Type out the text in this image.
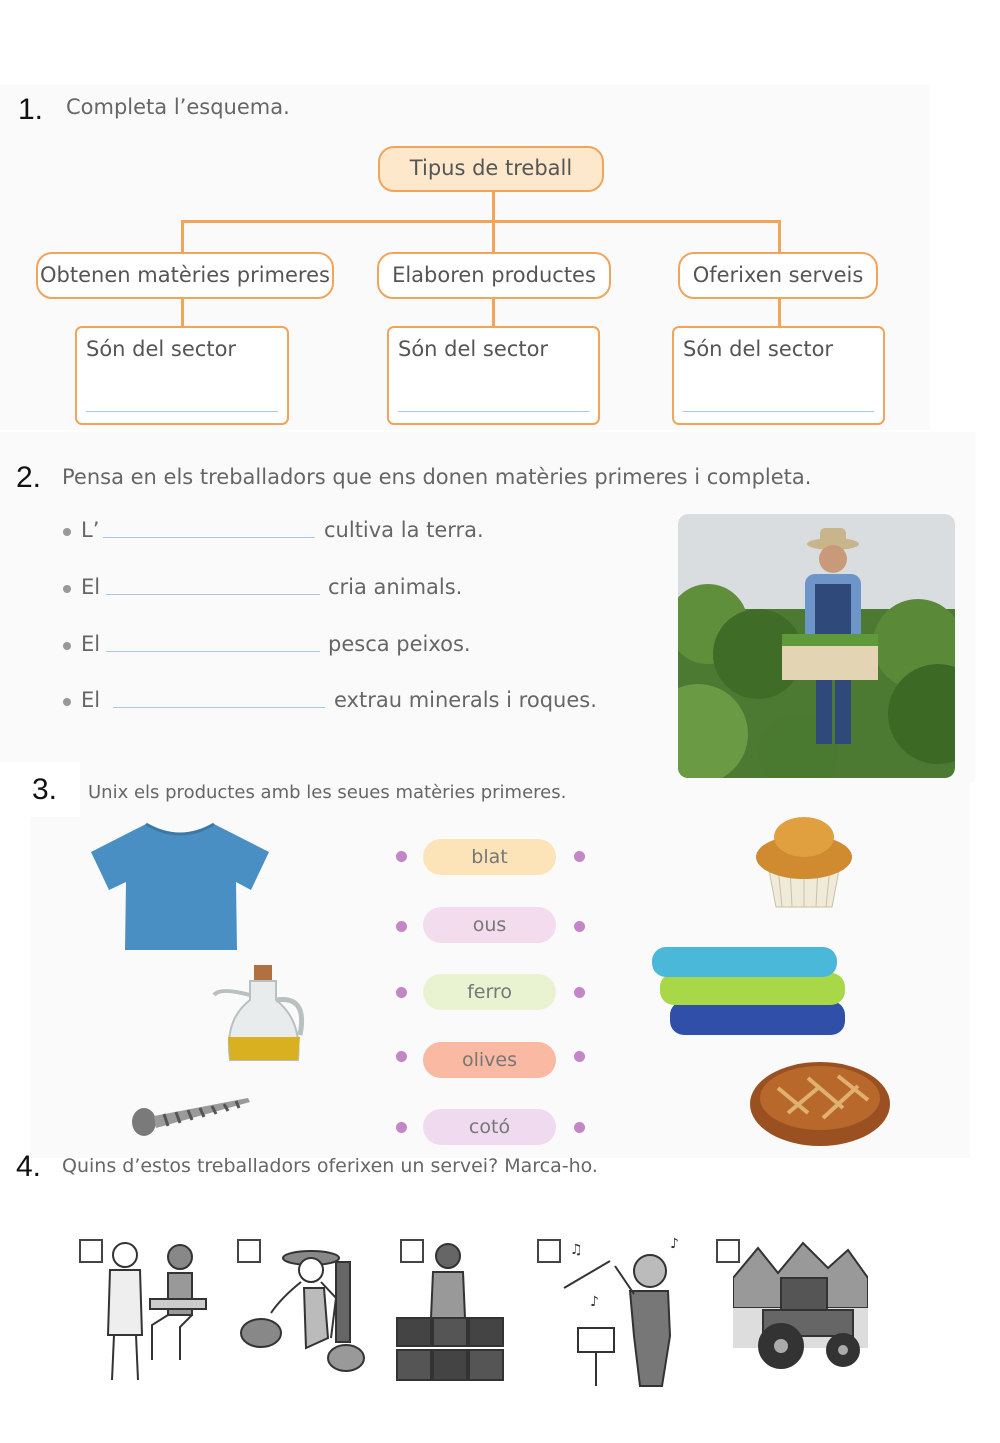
1. Completa l’esquema.
Tipus de treball
Obtenen matèries primeres	Elaboren productes	Oferixen serveis
Són del sector	Són del sector	Són del sector
2. Pensa en els treballadors que ens donen matèries primeres i completa.
L’	cultiva la terra.
El	cria animals.
El	pesca peixos.
El	extrau minerals i roques.
3. Unix els productes amb les seues matèries primeres.
blat
ous
ferro
olives
cotó
4. Quins d’estos treballadors oferixen un servei? Marca-ho.
♫
♪
♪
